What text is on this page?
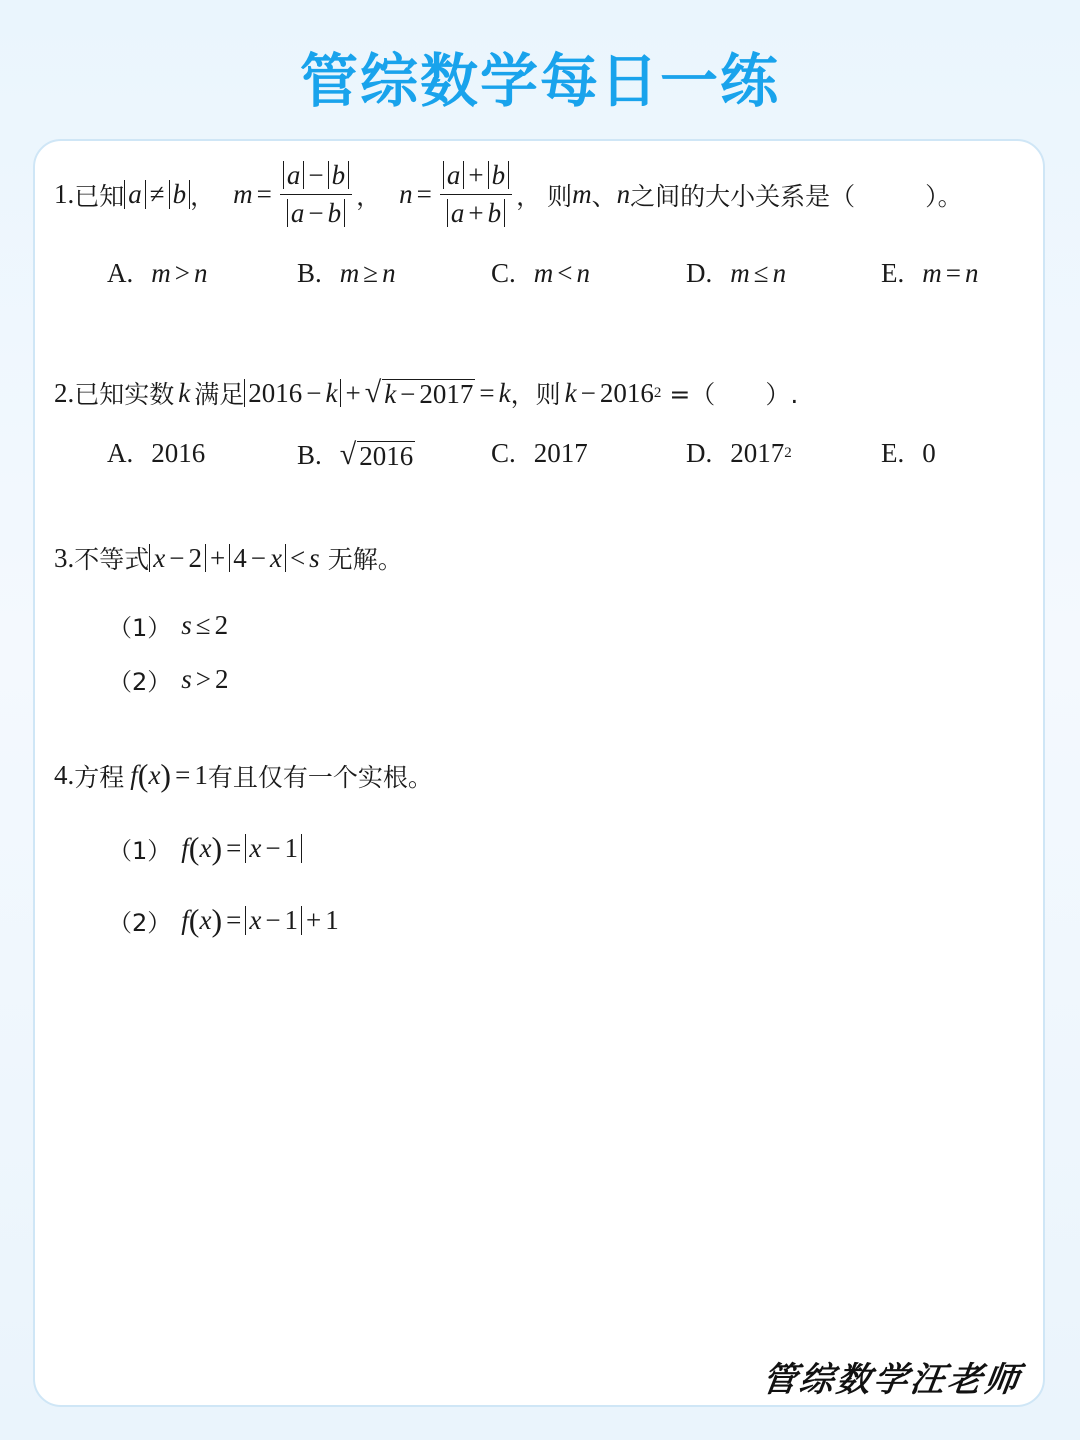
管综数学每日一练
1. 已知 a ≠ b ， $m = \frac{a - b}{a - b}$ ， $n = \frac{a + b}{a + b}$ ， 则 m 、 n 之间的大小关系是（	）。
A. m > n	B. m ≥ n	C. m < n	D. m ≤ n	E. m = n
2. 已知实数 k 满足 2016 − k + √ k − 2017 = k ，则 k − 2016 2 =（ ）.
A. 2016	B. √ 2016	C. 2017	D. 2017 2	E. 0
3. 不等式 x − 2 + 4 − x < s 无解。
（1） s ≤ 2
（2） s > 2
4. 方程 f ( x ) = 1 有且仅有一个实根。
（1） f ( x ) = x − 1
（2） f ( x ) = x − 1 + 1
管综数学汪老师
